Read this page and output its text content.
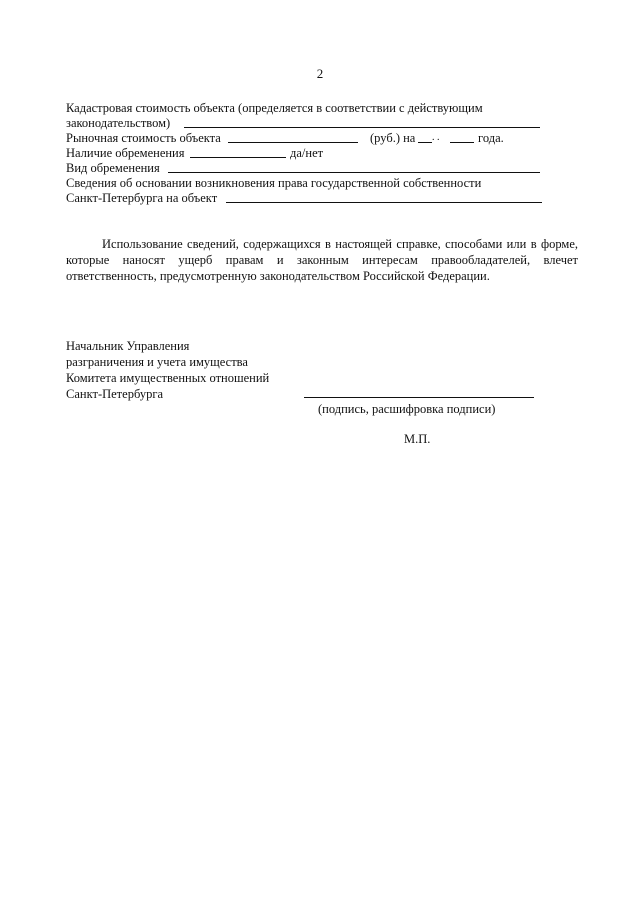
2
Кадастровая стоимость объекта (определяется в соответствии с действующим
законодательством)
Рыночная стоимость объекта	(руб.) на . .	года.
Наличие обременения	да/нет
Вид обременения
Сведения об основании возникновения права государственной собственности
Санкт-Петербурга на объект
Использование сведений, содержащихся в настоящей справке, способами или в форме, которые наносят ущерб правам и законным интересам правообладателей, влечет ответственность, предусмотренную законодательством Российской Федерации.
Начальник Управления
разграничения и учета имущества
Комитета имущественных отношений
Санкт-Петербурга
(подпись, расшифровка подписи)
М.П.
